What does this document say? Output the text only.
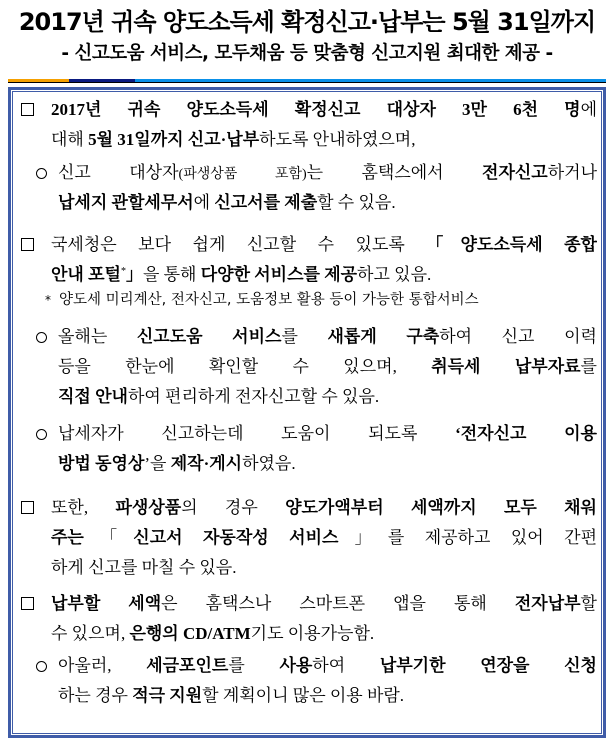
2017년 귀속 양도소득세 확정신고·납부는 5월 31일까지
- 신고도움 서비스, 모두채움 등 맞춤형 신고지원 최대한 제공 -
2017년 귀속 양도소득세 확정신고 대상자 3만 6천 명에
대해 5월 31일까지 신고·납부하도록 안내하였으며,
신고 대상자(파생상품 포함)는 홈택스에서 전자신고하거나
납세지 관할세무서에 신고서를 제출할 수 있음.
국세청은 보다 쉽게 신고할 수 있도록 「양도소득세 종합
안내 포털*」을 통해 다양한 서비스를 제공하고 있음.
* 양도세 미리계산, 전자신고, 도움정보 활용 등이 가능한 통합서비스
올해는 신고도움 서비스를 새롭게 구축하여 신고 이력
등을 한눈에 확인할 수 있으며, 취득세 납부자료를
직접 안내하여 편리하게 전자신고할 수 있음.
납세자가 신고하는데 도움이 되도록 ‘전자신고 이용
방법 동영상’을 제작·게시하였음.
또한, 파생상품의 경우 양도가액부터 세액까지 모두 채워
주는「신고서 자동작성 서비스」를 제공하고 있어 간편
하게 신고를 마칠 수 있음.
납부할 세액은 홈택스나 스마트폰 앱을 통해 전자납부할
수 있으며, 은행의 CD/ATM기도 이용가능함.
아울러, 세금포인트를 사용하여 납부기한 연장을 신청
하는 경우 적극 지원할 계획이니 많은 이용 바람.
